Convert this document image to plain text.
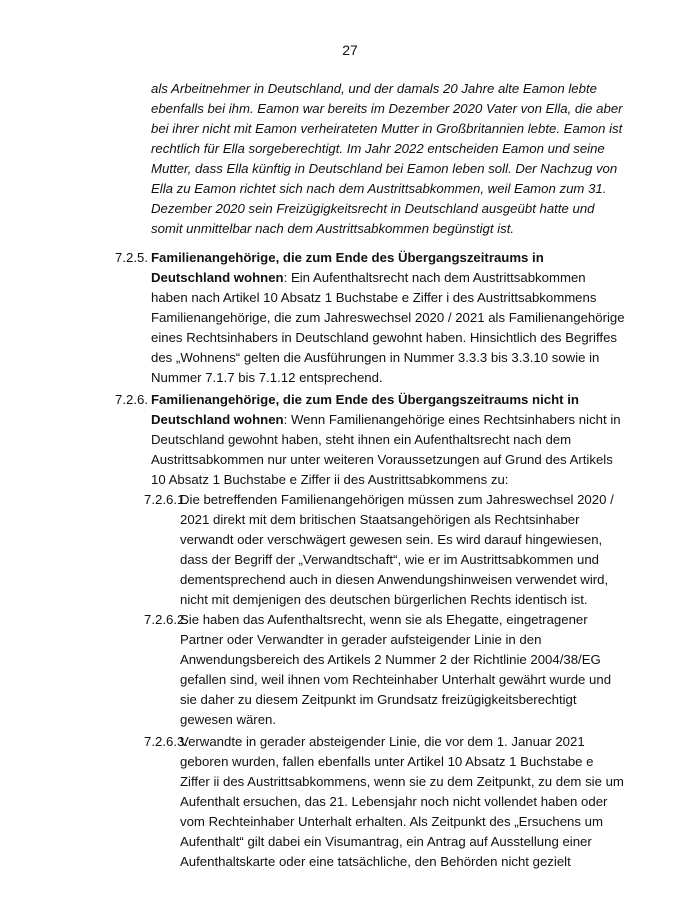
27

als Arbeitnehmer in Deutschland, und der damals 20 Jahre alte Eamon lebte ebenfalls bei ihm. Eamon war bereits im Dezember 2020 Vater von Ella, die aber bei ihrer nicht mit Eamon verheirateten Mutter in Großbritannien lebte. Eamon ist rechtlich für Ella sorgeberechtigt. Im Jahr 2022 entscheiden Eamon und seine Mutter, dass Ella künftig in Deutschland bei Eamon leben soll. Der Nachzug von Ella zu Eamon richtet sich nach dem Austrittsabkommen, weil Eamon zum 31. Dezember 2020 sein Freizügigkeitsrecht in Deutschland ausgeübt hatte und somit unmittelbar nach dem Austrittsabkommen begünstigt ist.

7.2.5. Familienangehörige, die zum Ende des Übergangszeitraums in Deutschland wohnen: Ein Aufenthaltsrecht nach dem Austrittsabkommen haben nach Artikel 10 Absatz 1 Buchstabe e Ziffer i des Austrittsabkommens Familienangehörige, die zum Jahreswechsel 2020 / 2021 als Familienangehörige eines Rechtsinhabers in Deutschland gewohnt haben. Hinsichtlich des Begriffes des „Wohnens“ gelten die Ausführungen in Nummer 3.3.3 bis 3.3.10 sowie in Nummer 7.1.7 bis 7.1.12 entsprechend.

7.2.6. Familienangehörige, die zum Ende des Übergangszeitraums nicht in Deutschland wohnen: Wenn Familienangehörige eines Rechtsinhabers nicht in Deutschland gewohnt haben, steht ihnen ein Aufenthaltsrecht nach dem Austrittsabkommen nur unter weiteren Voraussetzungen auf Grund des Artikels 10 Absatz 1 Buchstabe e Ziffer ii des Austrittsabkommens zu:

7.2.6.1.Die betreffenden Familienangehörigen müssen zum Jahreswechsel 2020 / 2021 direkt mit dem britischen Staatsangehörigen als Rechtsinhaber verwandt oder verschwägert gewesen sein. Es wird darauf hingewiesen, dass der Begriff der „Verwandtschaft“, wie er im Austrittsabkommen und dementsprechend auch in diesen Anwendungshinweisen verwendet wird, nicht mit demjenigen des deutschen bürgerlichen Rechts identisch ist.

7.2.6.2.Sie haben das Aufenthaltsrecht, wenn sie als Ehegatte, eingetragener Partner oder Verwandter in gerader aufsteigender Linie in den Anwendungsbereich des Artikels 2 Nummer 2 der Richtlinie 2004/38/EG gefallen sind, weil ihnen vom Rechteinhaber Unterhalt gewährt wurde und sie daher zu diesem Zeitpunkt im Grundsatz freizügigkeitsberechtigt gewesen wären.

7.2.6.3.Verwandte in gerader absteigender Linie, die vor dem 1. Januar 2021 geboren wurden, fallen ebenfalls unter Artikel 10 Absatz 1 Buchstabe e Ziffer ii des Austrittsabkommens, wenn sie zu dem Zeitpunkt, zu dem sie um Aufenthalt ersuchen, das 21. Lebensjahr noch nicht vollendet haben oder vom Rechteinhaber Unterhalt erhalten. Als Zeitpunkt des „Ersuchens um Aufenthalt“ gilt dabei ein Visumantrag, ein Antrag auf Ausstellung einer Aufenthaltskarte oder eine tatsächliche, den Behörden nicht gezielt
